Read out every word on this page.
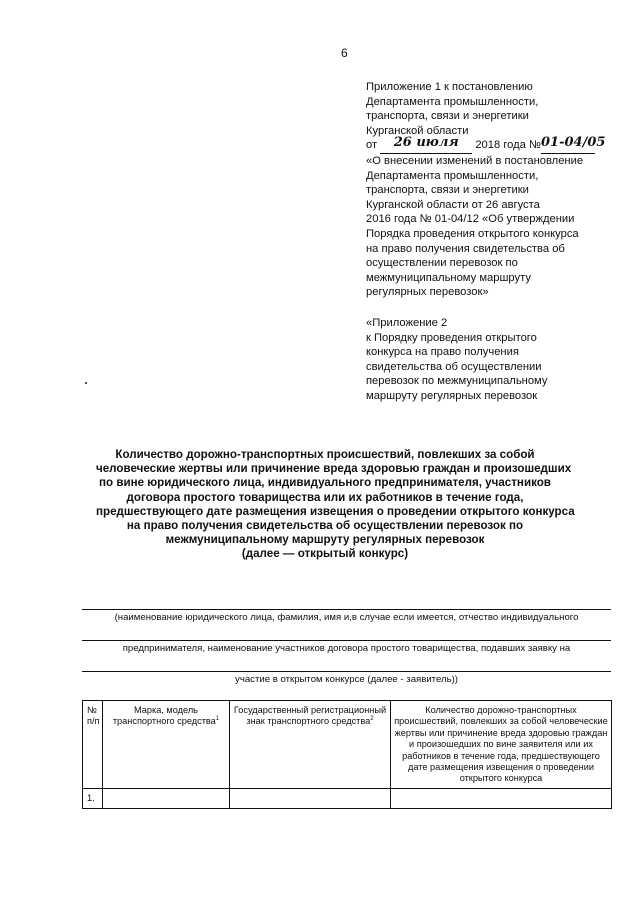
6
Приложение 1 к постановлению
Департамента промышленности,
транспорта, связи и энергетики
Курганской области
от 26 июля 2018 года №01-04/05
«О внесении изменений в постановление
Департамента промышленности,
транспорта, связи и энергетики
Курганской области от 26 августа
2016 года № 01-04/12 «Об утверждении
Порядка проведения открытого конкурса
на право получения свидетельства об
осуществлении перевозок по
межмуниципальному маршруту
регулярных перевозок»
«Приложение 2
к Порядку проведения открытого
конкурса на право получения
свидетельства об осуществлении
перевозок по межмуниципальному
маршруту регулярных перевозок
Количество дорожно-транспортных происшествий, повлекших за собой
человеческие жертвы или причинение вреда здоровью граждан и произошедших
по вине юридического лица, индивидуального предпринимателя, участников
договора простого товарищества или их работников в течение года,
предшествующего дате размещения извещения о проведении открытого конкурса
на право получения свидетельства об осуществлении перевозок по
межмуниципальному маршруту регулярных перевозок
(далее — открытый конкурс)
(наименование юридического лица, фамилия, имя и,в случае если имеется, отчество индивидуального
предпринимателя, наименование участников договора простого товарищества, подавших заявку на
участие в открытом конкурсе (далее - заявитель))
№ п/п	Марка, модель транспортного средства$^1$	Государственный регистрационный знак транспортного средства$^2$	Количество дорожно-транспортных происшествий, повлекших за собой человеческие жертвы или причинение вреда здоровью граждан и произошедших по вине заявителя или их работников в течение года, предшествующего дате размещения извещения о проведении открытого конкурса
1.			
